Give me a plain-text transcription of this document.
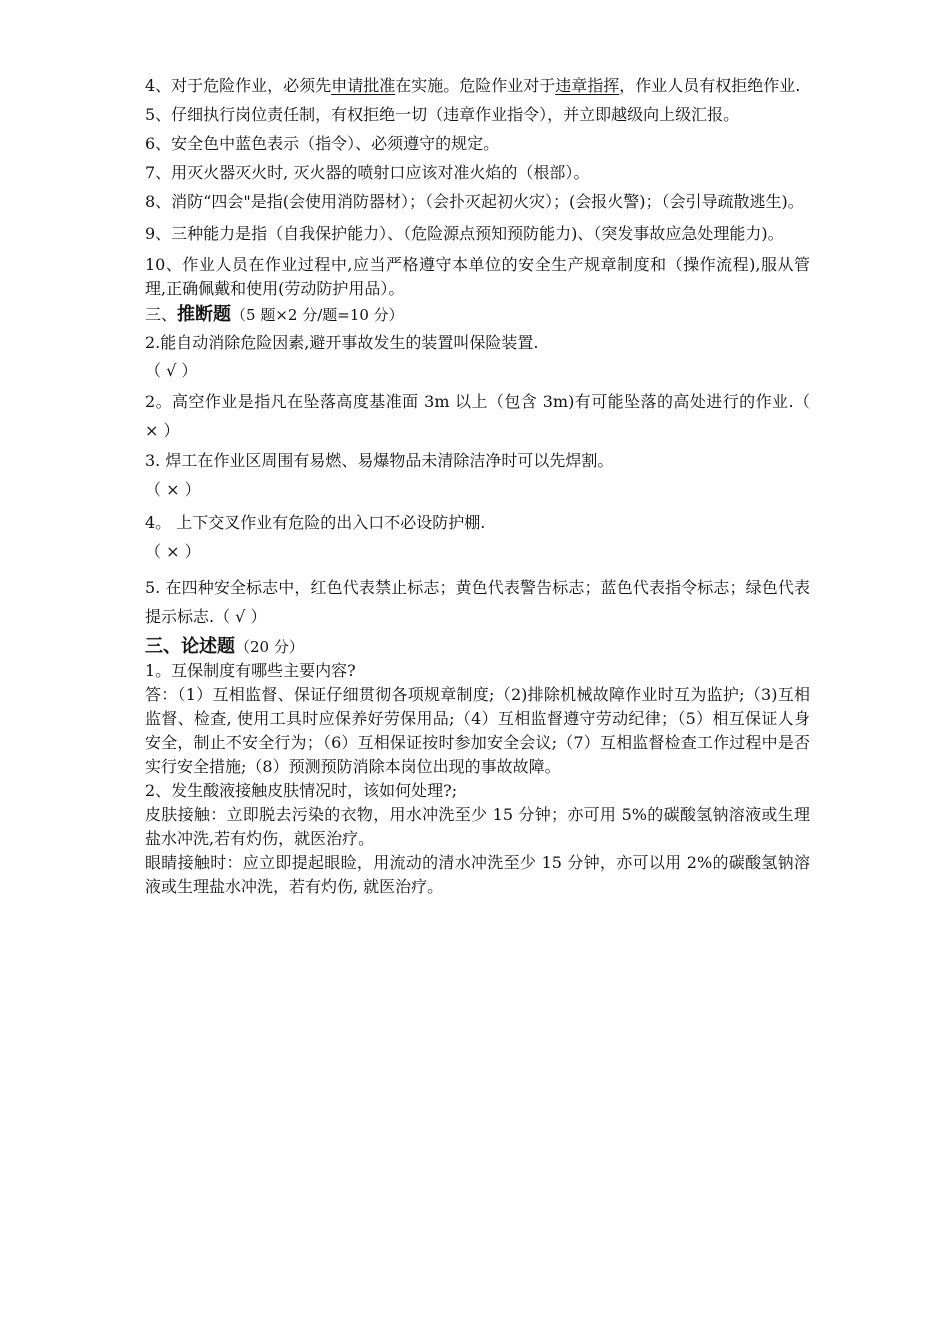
4、对于危险作业，必须先申请批准在实施。危险作业对于违章指挥，作业人员有权拒绝作业.

5、仔细执行岗位责任制，有权拒绝一切（违章作业指令），并立即越级向上级汇报。

6、安全色中蓝色表示（指令）、必须遵守的规定。

7、用灭火器灭火时, 灭火器的喷射口应该对准火焰的（根部）。

8、消防“四会"是指(会使用消防器材）；（会扑灭起初火灾）；(会报火警)；（会引导疏散逃生)。

9、三种能力是指（自我保护能力）、（危险源点预知预防能力)、（突发事故应急处理能力)。

10、作业人员在作业过程中,应当严格遵守本单位的安全生产规章制度和（操作流程),服从管理,正确佩戴和使用(劳动防护用品）。

三、推断题（5 题×2 分/题=10 分）

2.能自动消除危险因素,避开事故发生的装置叫保险装置.

（ √ ）

2。高空作业是指凡在坠落高度基准面 3m 以上（包含 3m)有可能坠落的高处进行的作业.（ × ）

3. 焊工在作业区周围有易燃、易爆物品未清除洁净时可以先焊割。

（ × ）

4。 上下交叉作业有危险的出入口不必设防护棚.

（ × ）

5. 在四种安全标志中，红色代表禁止标志；黄色代表警告标志；蓝色代表指令标志；绿色代表提示标志.（ √ ）

三、论述题（20 分）

1。互保制度有哪些主要内容?

答：（1）互相监督、保证仔细贯彻各项规章制度;（2)排除机械故障作业时互为监护;（3)互相监督、检查, 使用工具时应保养好劳保用品;（4）互相监督遵守劳动纪律；（5）相互保证人身安全，制止不安全行为；（6）互相保证按时参加安全会议;（7）互相监督检查工作过程中是否实行安全措施;（8）预测预防消除本岗位出现的事故故障。

2、发生酸液接触皮肤情况时，该如何处理?;

皮肤接触：立即脱去污染的衣物，用水冲洗至少 15 分钟；亦可用 5%的碳酸氢钠溶液或生理盐水冲洗,若有灼伤，就医治疗。

眼睛接触时：应立即提起眼睑，用流动的清水冲洗至少 15 分钟，亦可以用 2%的碳酸氢钠溶液或生理盐水冲洗，若有灼伤, 就医治疗。
